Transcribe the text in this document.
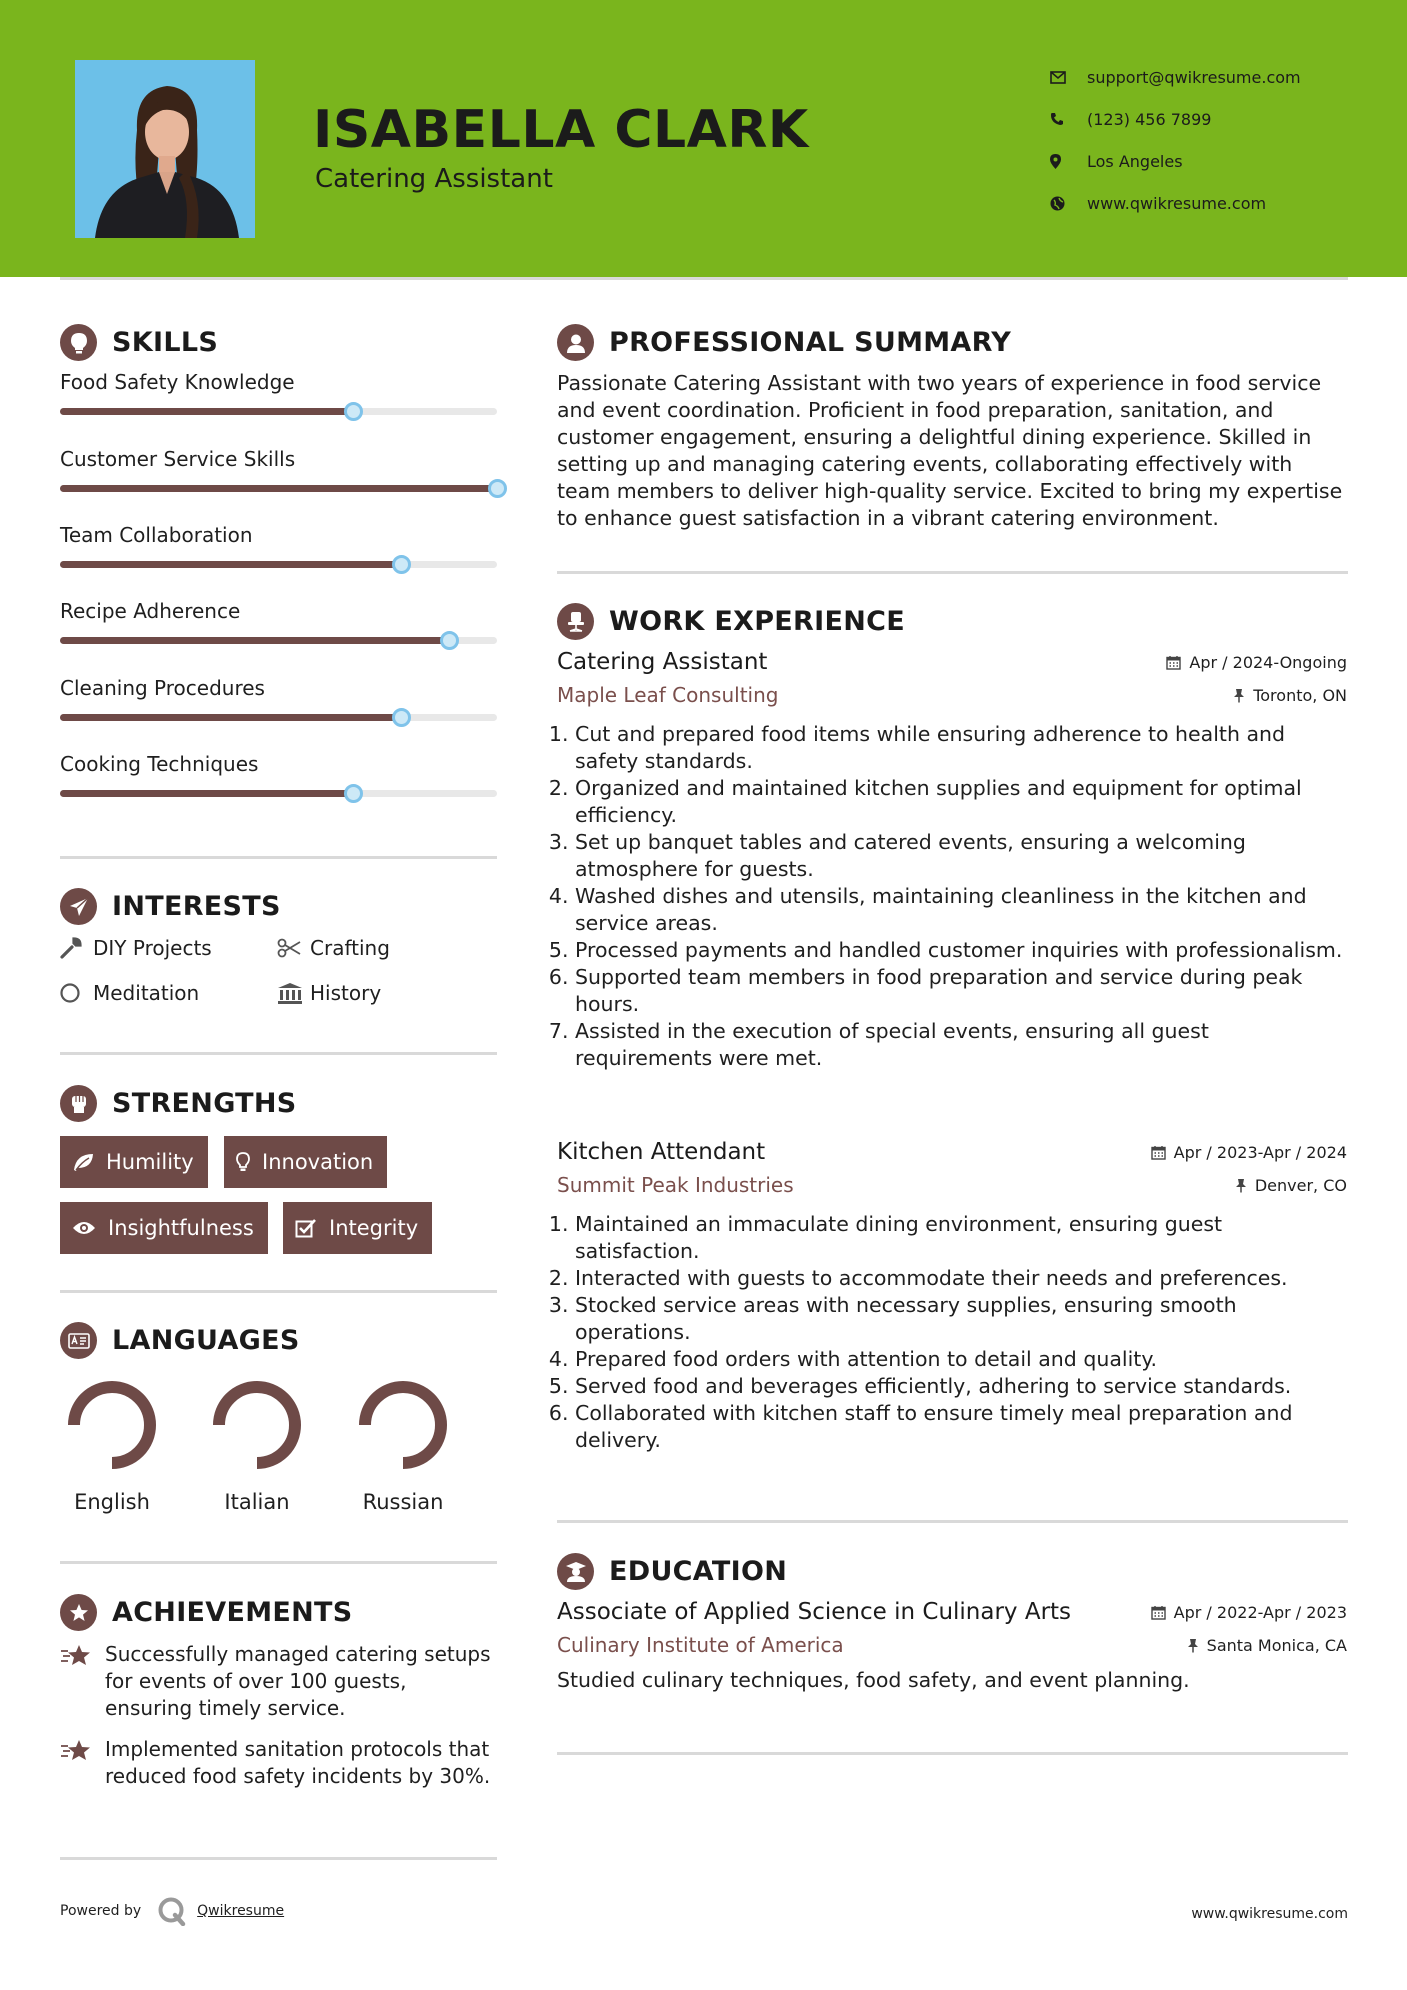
ISABELLA CLARK
Catering Assistant
support@qwikresume.com
(123) 456 7899
Los Angeles
www.qwikresume.com
SKILLS
Food Safety Knowledge
Customer Service Skills
Team Collaboration
Recipe Adherence
Cleaning Procedures
Cooking Techniques
INTERESTS
DIY Projects	Crafting
Meditation	History
STRENGTHS
Humility	Innovation
Insightfulness	Integrity
LANGUAGES
English	Italian	Russian
ACHIEVEMENTS
Successfully managed catering setups for events of over 100 guests, ensuring timely service.
Implemented sanitation protocols that reduced food safety incidents by 30%.
PROFESSIONAL SUMMARY
Passionate Catering Assistant with two years of experience in food service and event coordination. Proficient in food preparation, sanitation, and customer engagement, ensuring a delightful dining experience. Skilled in setting up and managing catering events, collaborating effectively with team members to deliver high-quality service. Excited to bring my expertise to enhance guest satisfaction in a vibrant catering environment.
WORK EXPERIENCE
Catering Assistant	Apr / 2024-Ongoing
Maple Leaf Consulting	Toronto, ON
1. Cut and prepared food items while ensuring adherence to health and safety standards.
2. Organized and maintained kitchen supplies and equipment for optimal efficiency.
3. Set up banquet tables and catered events, ensuring a welcoming atmosphere for guests.
4. Washed dishes and utensils, maintaining cleanliness in the kitchen and service areas.
5. Processed payments and handled customer inquiries with professionalism.
6. Supported team members in food preparation and service during peak hours.
7. Assisted in the execution of special events, ensuring all guest requirements were met.
Kitchen Attendant	Apr / 2023-Apr / 2024
Summit Peak Industries	Denver, CO
1. Maintained an immaculate dining environment, ensuring guest satisfaction.
2. Interacted with guests to accommodate their needs and preferences.
3. Stocked service areas with necessary supplies, ensuring smooth operations.
4. Prepared food orders with attention to detail and quality.
5. Served food and beverages efficiently, adhering to service standards.
6. Collaborated with kitchen staff to ensure timely meal preparation and delivery.
EDUCATION
Associate of Applied Science in Culinary Arts	Apr / 2022-Apr / 2023
Culinary Institute of America	Santa Monica, CA
Studied culinary techniques, food safety, and event planning.
Powered by	Qwikresume	www.qwikresume.com
